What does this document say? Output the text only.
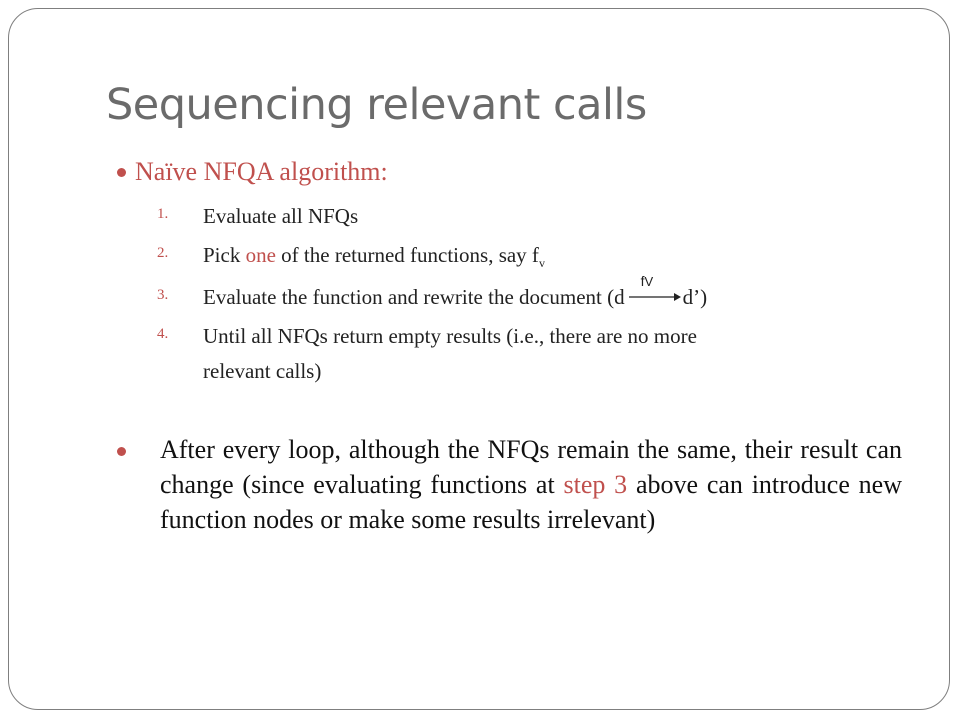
Sequencing relevant calls
Naïve NFQA algorithm:
1. Evaluate all NFQs
2. Pick one of the returned functions, say $f_v$
3. Evaluate the function and rewrite the document (d
fV
d’)
4. Until all NFQs return empty results (i.e., there are no more
relevant calls)
After every loop, although the NFQs remain the same, their result can change (since evaluating functions at step 3 above can introduce new function nodes or make some results irrelevant)
